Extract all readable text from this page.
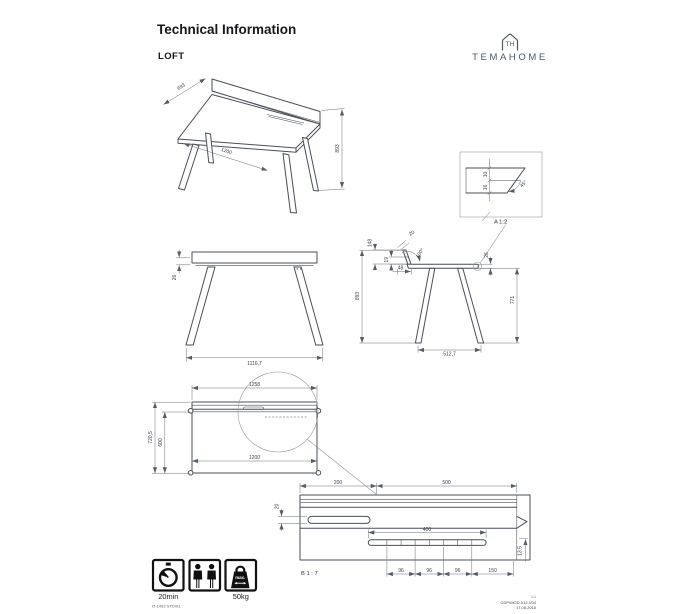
Technical Information
LOFT
TH
TEMAHOME
693
1200	893
10
16	45°
A 1:2
26
1116,7
893
148
20
19
48
100°	26
771
512,7
1258
720,5 600
1200
20
200	500
400
13,5
96	96	96	150
B 1 : 7
max.
20min	50kg
IT-1492-STD/01
1:1
GDP/MOD-012-V04
17.08.2016
